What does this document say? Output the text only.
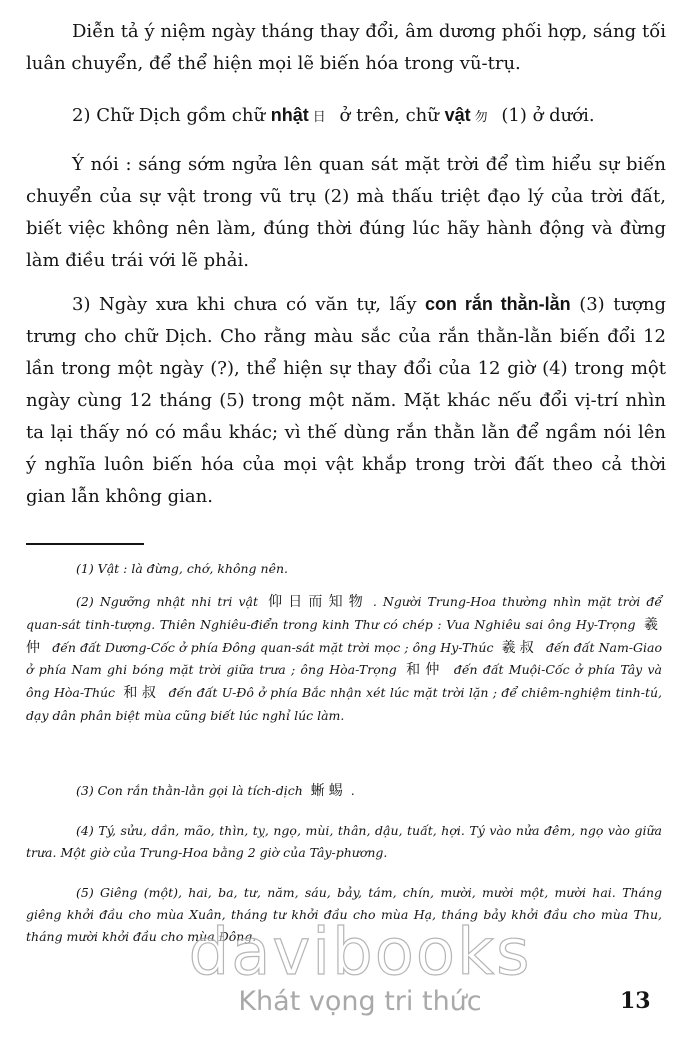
Diễn tả ý niệm ngày tháng thay đổi, âm dương phối hợp, sáng tối luân chuyển, để thể hiện mọi lẽ biến hóa trong vũ-trụ.

2) Chữ Dịch gồm chữ nhật 日 ở trên, chữ vật 勿 (1) ở dưới.

Ý nói : sáng sớm ngửa lên quan sát mặt trời để tìm hiểu sự biến chuyển của sự vật trong vũ trụ (2) mà thấu triệt đạo lý của trời đất, biết việc không nên làm, đúng thời đúng lúc hãy hành động và đừng làm điều trái với lẽ phải.

3) Ngày xưa khi chưa có văn tự, lấy con rắn thằn-lằn (3) tượng trưng cho chữ Dịch. Cho rằng màu sắc của rắn thằn-lằn biến đổi 12 lần trong một ngày (?), thể hiện sự thay đổi của 12 giờ (4) trong một ngày cùng 12 tháng (5) trong một năm. Mặt khác nếu đổi vị-trí nhìn ta lại thấy nó có mầu khác; vì thế dùng rắn thằn lằn để ngầm nói lên ý nghĩa luôn biến hóa của mọi vật khắp trong trời đất theo cả thời gian lẫn không gian.

(1) Vật : là đừng, chớ, không nên.

(2) Ngưỡng nhật nhi tri vật 仰日而知物 . Người Trung-Hoa thường nhìn mặt trời để quan-sát tinh-tượng. Thiên Nghiêu-điển trong kinh Thư có chép : Vua Nghiêu sai ông Hy-Trọng 羲仲 đến đất Dương-Cốc ở phía Đông quan-sát mặt trời mọc ; ông Hy-Thúc 羲叔 đến đất Nam-Giao ở phía Nam ghi bóng mặt trời giữa trưa ; ông Hòa-Trọng 和仲 đến đất Muội-Cốc ở phía Tây và ông Hòa-Thúc 和叔 đến đất U-Đô ở phía Bắc nhận xét lúc mặt trời lặn ; để chiêm-nghiệm tinh-tú, dạy dân phân biệt mùa cũng biết lúc nghỉ lúc làm.

(3) Con rắn thằn-lằn gọi là tích-dịch 蜥蜴 .

(4) Tý, sửu, dần, mão, thìn, tỵ, ngọ, mùi, thân, dậu, tuất, hợi. Tý vào nửa đêm, ngọ vào giữa trưa. Một giờ của Trung-Hoa bằng 2 giờ của Tây-phương.

(5) Giêng (một), hai, ba, tư, năm, sáu, bảy, tám, chín, mười, mười một, mười hai. Tháng giêng khởi đầu cho mùa Xuân, tháng tư khởi đầu cho mùa Hạ, tháng bảy khởi đầu cho mùa Thu, tháng mười khởi đầu cho mùa Đông.

davibooks
Khát vọng tri thức	13
